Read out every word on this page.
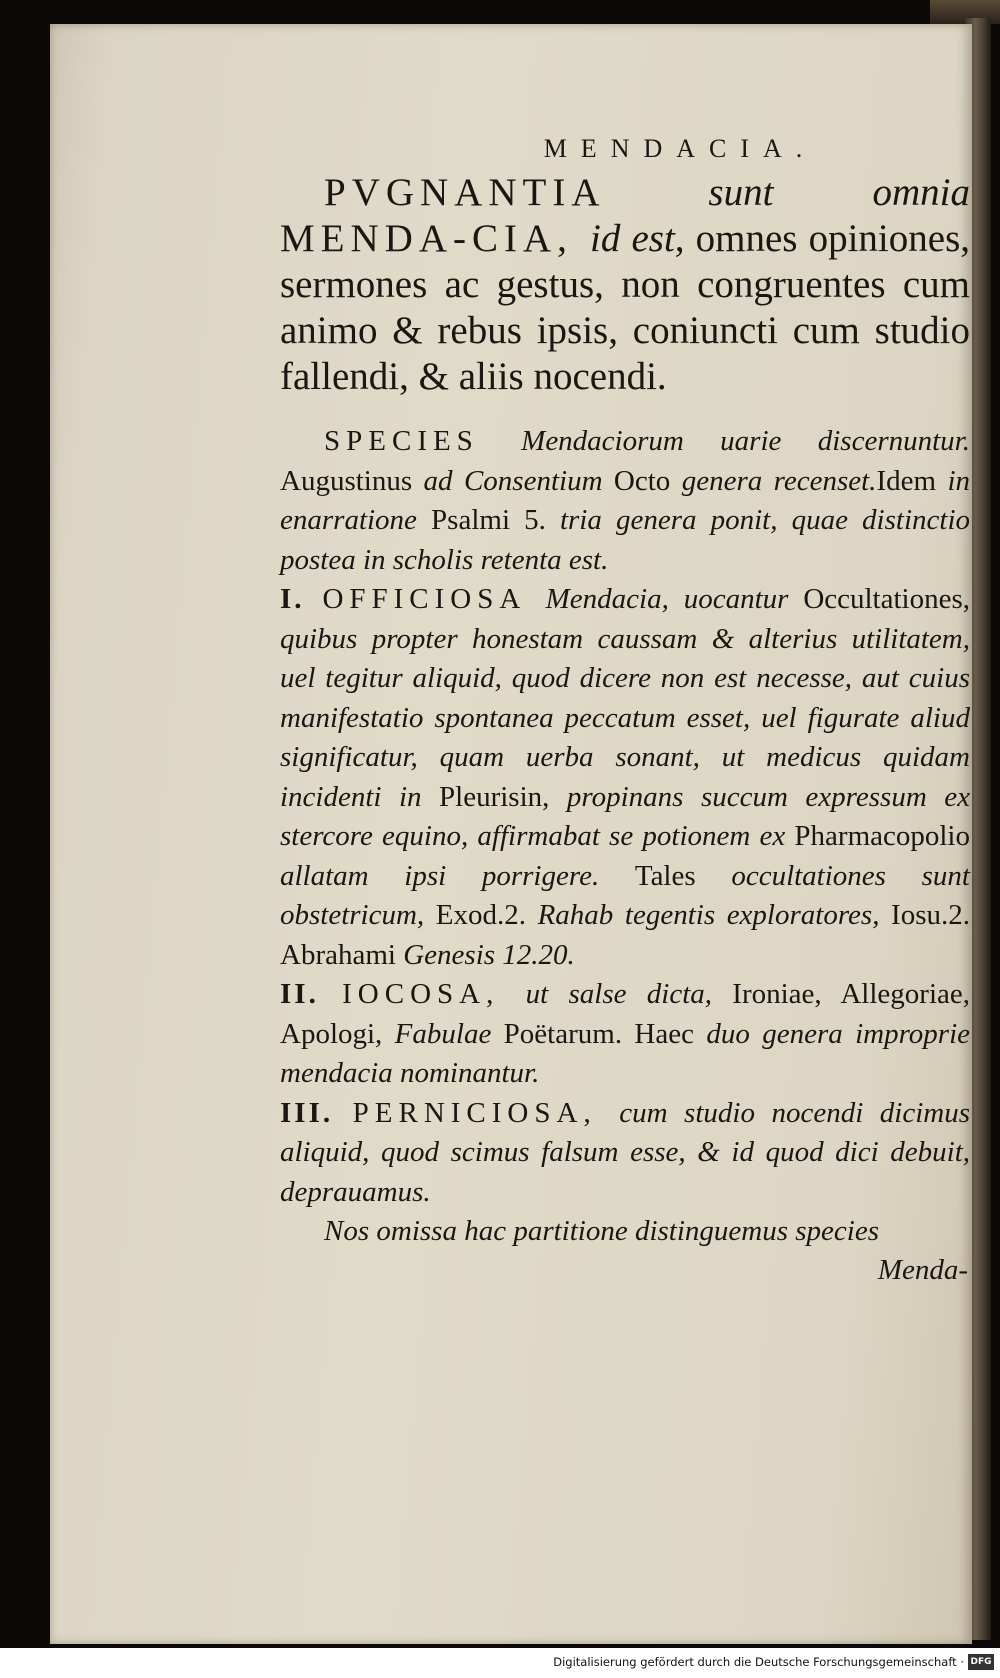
MENDACIA.

PVGNANTIA sunt omnia MENDA-CIA, id est, omnes opiniones, sermones ac gestus, non congruentes cum animo & rebus ipsis, coniuncti cum studio fallendi, & aliis nocendi.

SPECIES Mendaciorum uarie discernuntur. Augustinus ad Consentium Octo genera recenset.Idem in enarratione Psalmi 5. tria genera ponit, quae distinctio postea in scholis retenta est.

I. OFFICIOSA Mendacia, uocantur Occultationes, quibus propter honestam caussam & alterius utilitatem, uel tegitur aliquid, quod dicere non est necesse, aut cuius manifestatio spontanea peccatum esset, uel figurate aliud significatur, quam uerba sonant, ut medicus quidam incidenti in Pleurisin, propinans succum expressum ex stercore equino, affirmabat se potionem ex Pharmacopolio allatam ipsi porrigere. Tales occultationes sunt obstetricum, Exod.2. Rahab tegentis exploratores, Iosu.2. Abrahami Genesis 12.20.

II. IOCOSA, ut salse dicta, Ironiae, Allegoriae, Apologi, Fabulae Poëtarum. Haec duo genera improprie mendacia nominantur.

III. PERNICIOSA, cum studio nocendi dicimus aliquid, quod scimus falsum esse, & id quod dici debuit, deprauamus.

Nos omissa hac partitione distinguemus species

Menda-

Digitalisierung gefördert durch die Deutsche Forschungsgemeinschaft · DFG
